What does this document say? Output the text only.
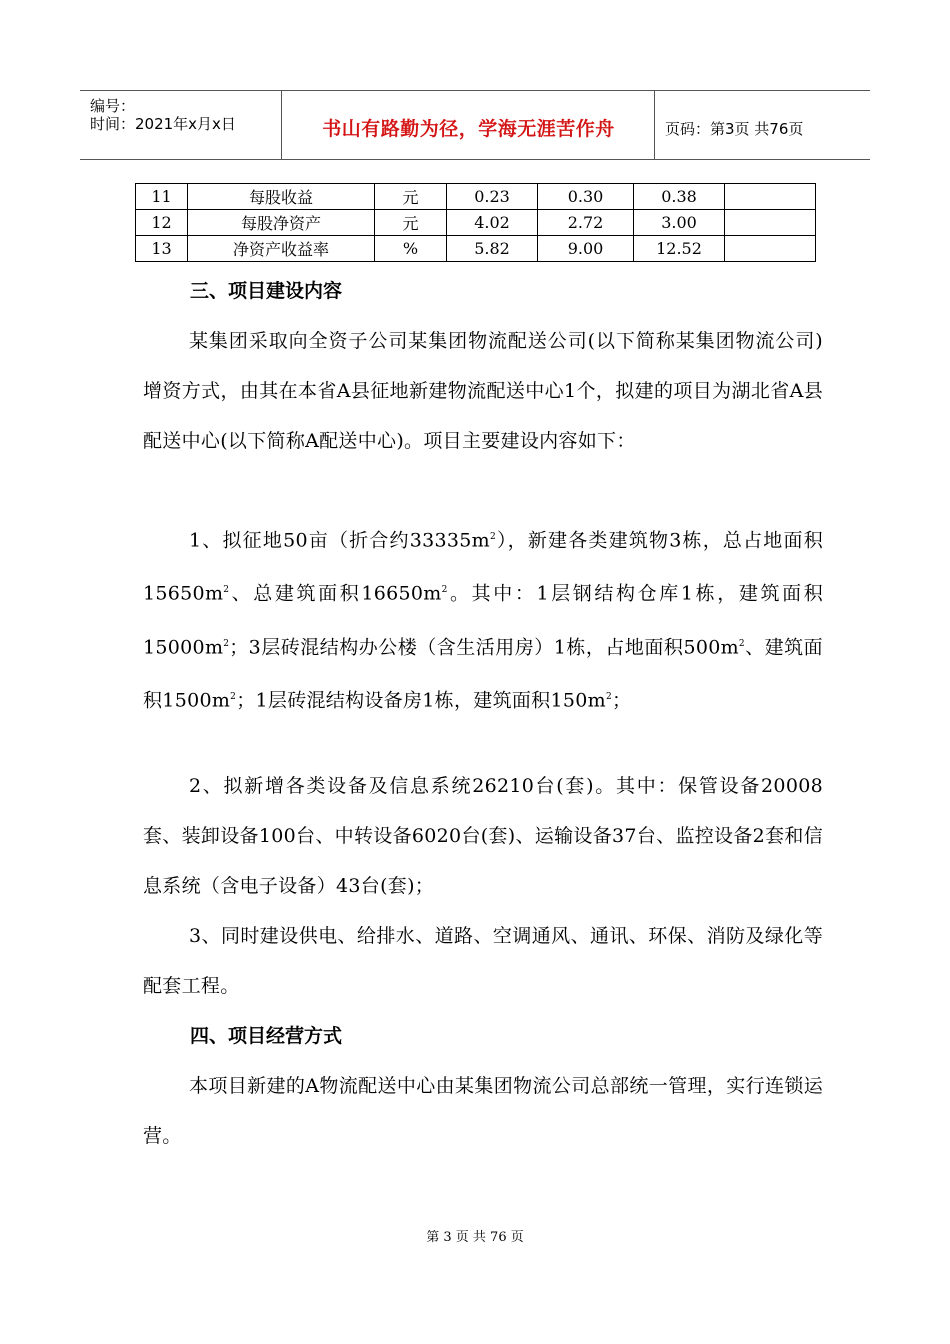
编号：
时间：2021年x月x日	书山有路勤为径，学海无涯苦作舟	页码：第3页 共76页
11	每股收益	元	0.23	0.30	0.38	
12	每股净资产	元	4.02	2.72	3.00	
13	净资产收益率	%	5.82	9.00	12.52	
三、项目建设内容
某集团采取向全资子公司某集团物流配送公司(以下简称某集团物流公司) 增资方式，由其在本省A县征地新建物流配送中心1个，拟建的项目为湖北省A县配送中心(以下简称A配送中心)。项目主要建设内容如下：
1、拟征地50亩（折合约$33335m^2$），新建各类建筑物3栋，总占地面积$15650m^2$、总建筑面积$16650m^2$。其中：1层钢结构仓库1栋，建筑面积$15000m^2$；3层砖混结构办公楼（含生活用房）1栋，占地面积$500m^2$、建筑面积$1500m^2$；1层砖混结构设备房1栋，建筑面积$150m^2$；
2、拟新增各类设备及信息系统26210台(套)。其中：保管设备20008套、装卸设备100台、中转设备6020台(套)、运输设备37台、监控设备2套和信息系统（含电子设备）43台(套)；
3、同时建设供电、给排水、道路、空调通风、通讯、环保、消防及绿化等配套工程。
四、项目经营方式
本项目新建的A物流配送中心由某集团物流公司总部统一管理，实行连锁运营。
第 3 页 共 76 页
